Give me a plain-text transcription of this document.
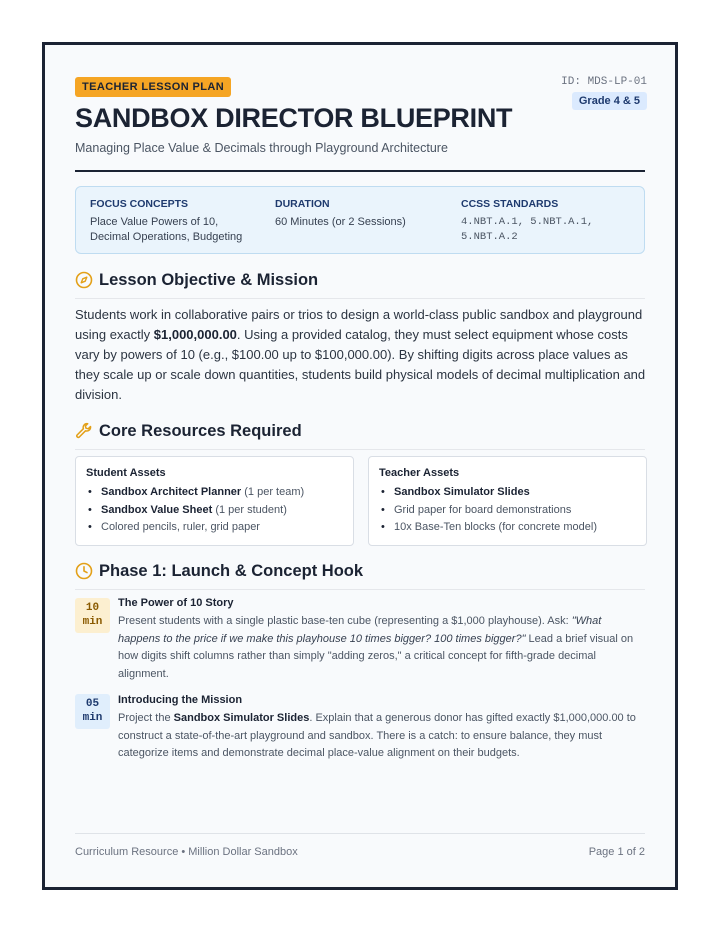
TEACHER LESSON PLAN	ID: MDS-LP-01
Grade 4 & 5
SANDBOX DIRECTOR BLUEPRINT
Managing Place Value & Decimals through Playground Architecture
FOCUS CONCEPTS
Place Value Powers of 10,
Decimal Operations, Budgeting
DURATION
60 Minutes (or 2 Sessions)
CCSS STANDARDS
4.NBT.A.1, 5.NBT.A.1,
5.NBT.A.2
Lesson Objective & Mission
Students work in collaborative pairs or trios to design a world-class public sandbox and playground using exactly $1,000,000.00. Using a provided catalog, they must select equipment whose costs vary by powers of 10 (e.g., $100.00 up to $100,000.00). By shifting digits across place values as they scale up or scale down quantities, students build physical models of decimal multiplication and division.
Core Resources Required
Student Assets
• Sandbox Architect Planner (1 per team)
• Sandbox Value Sheet (1 per student)
• Colored pencils, ruler, grid paper
Teacher Assets
• Sandbox Simulator Slides
• Grid paper for board demonstrations
• 10x Base-Ten blocks (for concrete model)
Phase 1: Launch & Concept Hook
10
min
The Power of 10 Story
Present students with a single plastic base-ten cube (representing a $1,000 playhouse). Ask: "What happens to the price if we make this playhouse 10 times bigger? 100 times bigger?" Lead a brief visual on how digits shift columns rather than simply "adding zeros," a critical concept for fifth-grade decimal alignment.
05
min
Introducing the Mission
Project the Sandbox Simulator Slides. Explain that a generous donor has gifted exactly $1,000,000.00 to construct a state-of-the-art playground and sandbox. There is a catch: to ensure balance, they must categorize items and demonstrate decimal place-value alignment on their budgets.
Curriculum Resource • Million Dollar Sandbox	Page 1 of 2
